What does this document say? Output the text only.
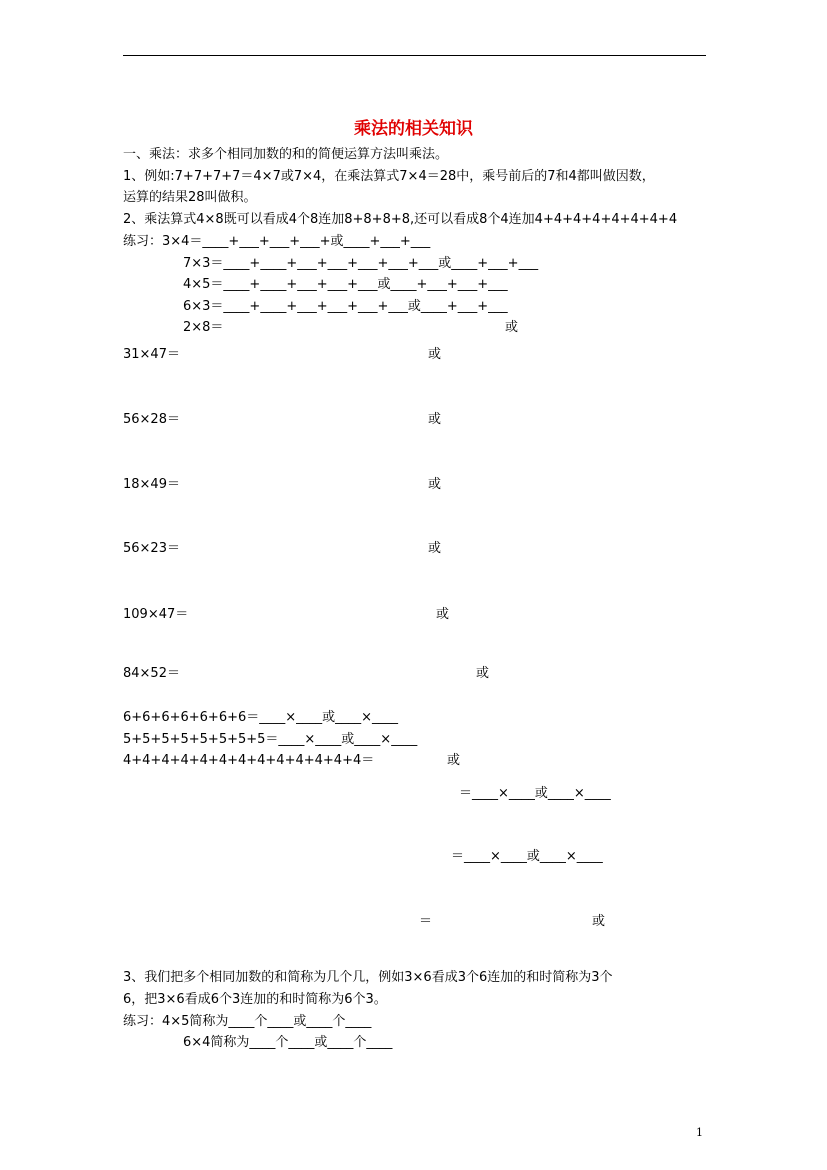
乘法的相关知识
一、乘法：求多个相同加数的和的简便运算方法叫乘法。
1、例如:7+7+7+7＝4×7或7×4，在乘法算式7×4＝28中，乘号前后的7和4都叫做因数，
运算的结果28叫做积。
2、乘法算式4×8既可以看成4个8连加8+8+8+8,还可以看成8个4连加4+4+4+4+4+4+4+4
练习：3×4＝____+___+___+___+或____+___+___
7×3＝____+____+___+___+___+___+___或____+___+___
4×5＝____+____+___+___+___或____+___+___+___
6×3＝____+____+___+___+___+___或____+___+___
2×8＝	或
31×47＝	或
56×28＝	或
18×49＝	或
56×23＝	或
109×47＝	或
84×52＝	或
6+6+6+6+6+6+6＝____×____或____×____
5+5+5+5+5+5+5+5＝____×____或____×____
4+4+4+4+4+4+4+4+4+4+4+4+4＝	或
＝____×____或____×____
＝____×____或____×____
＝	或
3、我们把多个相同加数的和简称为几个几，例如3×6看成3个6连加的和时简称为3个
6，把3×6看成6个3连加的和时简称为6个3。
练习：4×5简称为____个____或____个____
6×4简称为____个____或____个____
1
